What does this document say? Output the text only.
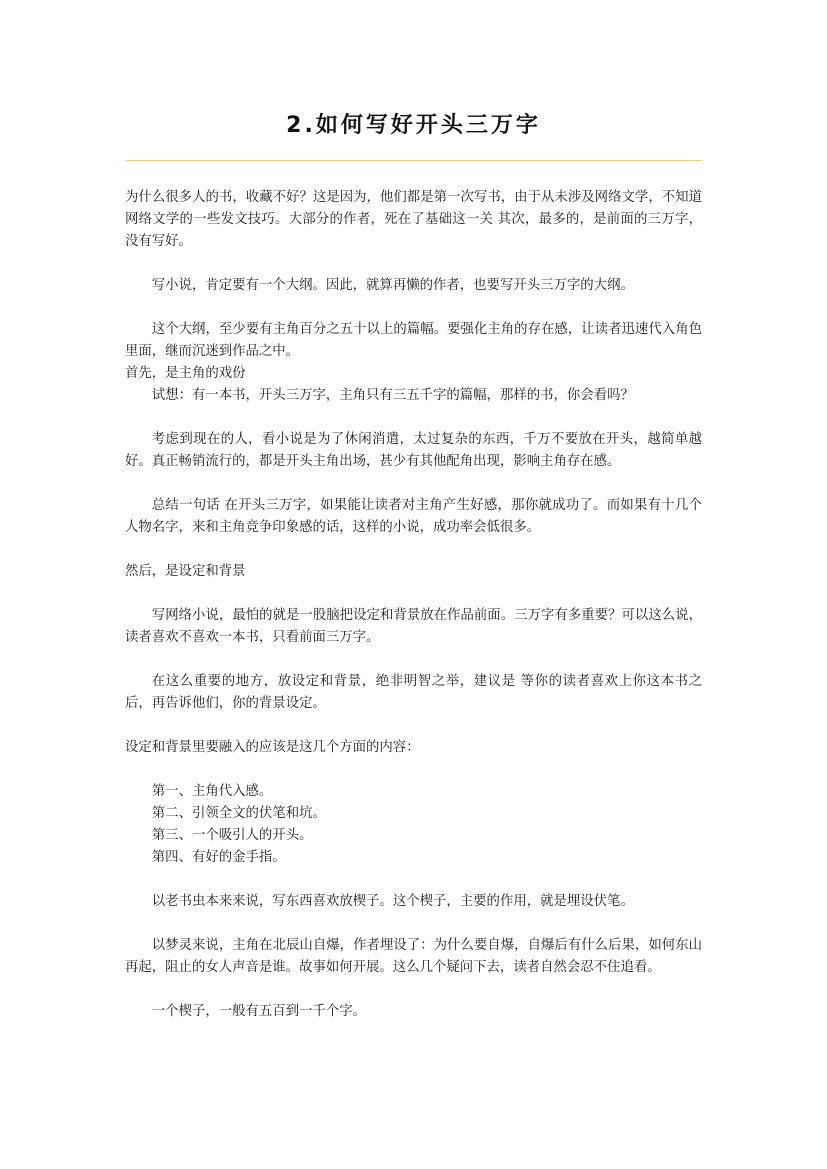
2.如何写好开头三万字

为什么很多人的书，收藏不好？这是因为，他们都是第一次写书，由于从未涉及网络文学，不知道网络文学的一些发文技巧。大部分的作者，死在了基础这一关 其次，最多的，是前面的三万字，没有写好。

写小说，肯定要有一个大纲。因此，就算再懒的作者，也要写开头三万字的大纲。

这个大纲，至少要有主角百分之五十以上的篇幅。要强化主角的存在感，让读者迅速代入角色里面，继而沉迷到作品之中。

首先，是主角的戏份

试想：有一本书，开头三万字，主角只有三五千字的篇幅，那样的书，你会看吗？

考虑到现在的人，看小说是为了休闲消遣，太过复杂的东西，千万不要放在开头，越简单越好。真正畅销流行的，都是开头主角出场，甚少有其他配角出现，影响主角存在感。

总结一句话 在开头三万字，如果能让读者对主角产生好感，那你就成功了。而如果有十几个人物名字，来和主角竞争印象感的话，这样的小说，成功率会低很多。

然后，是设定和背景

写网络小说，最怕的就是一股脑把设定和背景放在作品前面。三万字有多重要？可以这么说，读者喜欢不喜欢一本书，只看前面三万字。

在这么重要的地方，放设定和背景，绝非明智之举，建议是 等你的读者喜欢上你这本书之后，再告诉他们，你的背景设定。

设定和背景里要融入的应该是这几个方面的内容：

第一、主角代入感。

第二、引领全文的伏笔和坑。

第三、一个吸引人的开头。

第四、有好的金手指。

以老书虫本来来说，写东西喜欢放楔子。这个楔子，主要的作用，就是埋设伏笔。

以梦灵来说，主角在北辰山自爆，作者埋设了：为什么要自爆，自爆后有什么后果，如何东山再起，阻止的女人声音是谁。故事如何开展。这么几个疑问下去，读者自然会忍不住追看。

一个楔子，一般有五百到一千个字。
